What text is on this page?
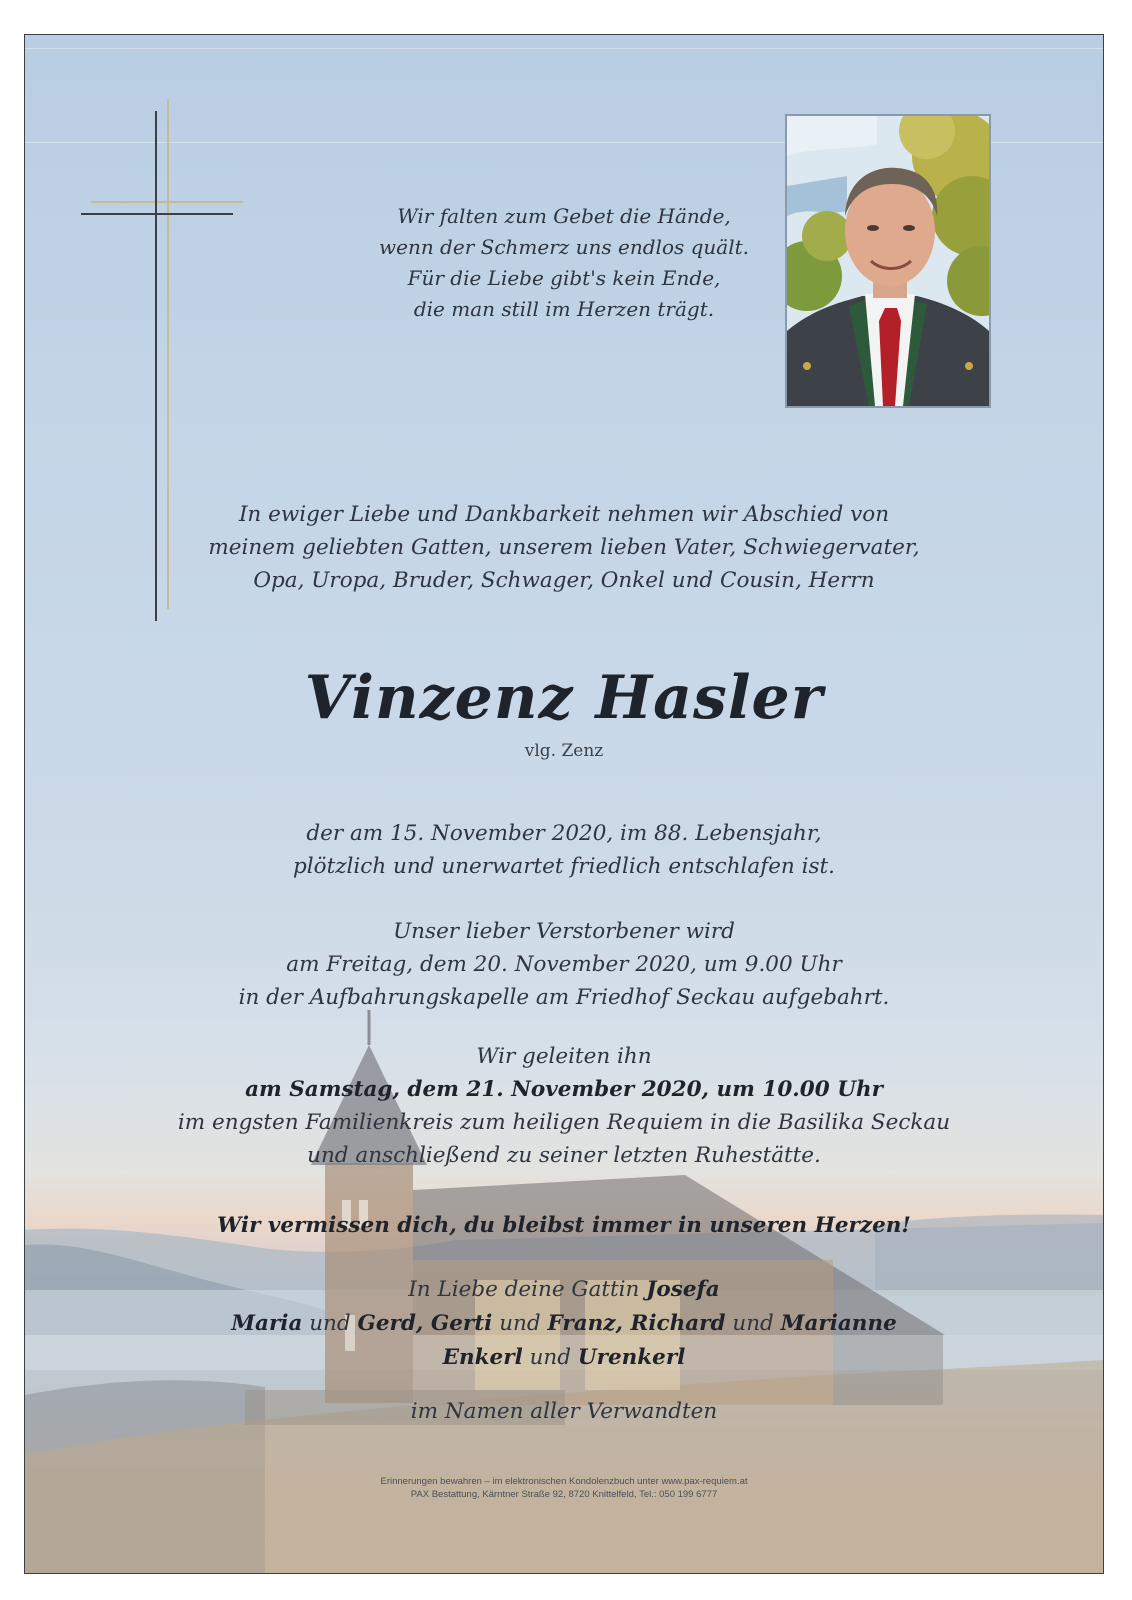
Wir falten zum Gebet die Hände,
wenn der Schmerz uns endlos quält.
Für die Liebe gibt's kein Ende,
die man still im Herzen trägt.
In ewiger Liebe und Dankbarkeit nehmen wir Abschied von
meinem geliebten Gatten, unserem lieben Vater, Schwiegervater,
Opa, Uropa, Bruder, Schwager, Onkel und Cousin, Herrn
Vinzenz Hasler
vlg. Zenz
der am 15. November 2020, im 88. Lebensjahr,
plötzlich und unerwartet friedlich entschlafen ist.
Unser lieber Verstorbener wird
am Freitag, dem 20. November 2020, um 9.00 Uhr
in der Aufbahrungskapelle am Friedhof Seckau aufgebahrt.
Wir geleiten ihn
am Samstag, dem 21. November 2020, um 10.00 Uhr
im engsten Familienkreis zum heiligen Requiem in die Basilika Seckau
und anschließend zu seiner letzten Ruhestätte.
Wir vermissen dich, du bleibst immer in unseren Herzen!
In Liebe deine Gattin Josefa
Maria und Gerd, Gerti und Franz, Richard und Marianne
Enkerl und Urenkerl
im Namen aller Verwandten
Erinnerungen bewahren – im elektronischen Kondolenzbuch unter www.pax-requiem.at
PAX Bestattung, Kärntner Straße 92, 8720 Knittelfeld, Tel.: 050 199 6777
